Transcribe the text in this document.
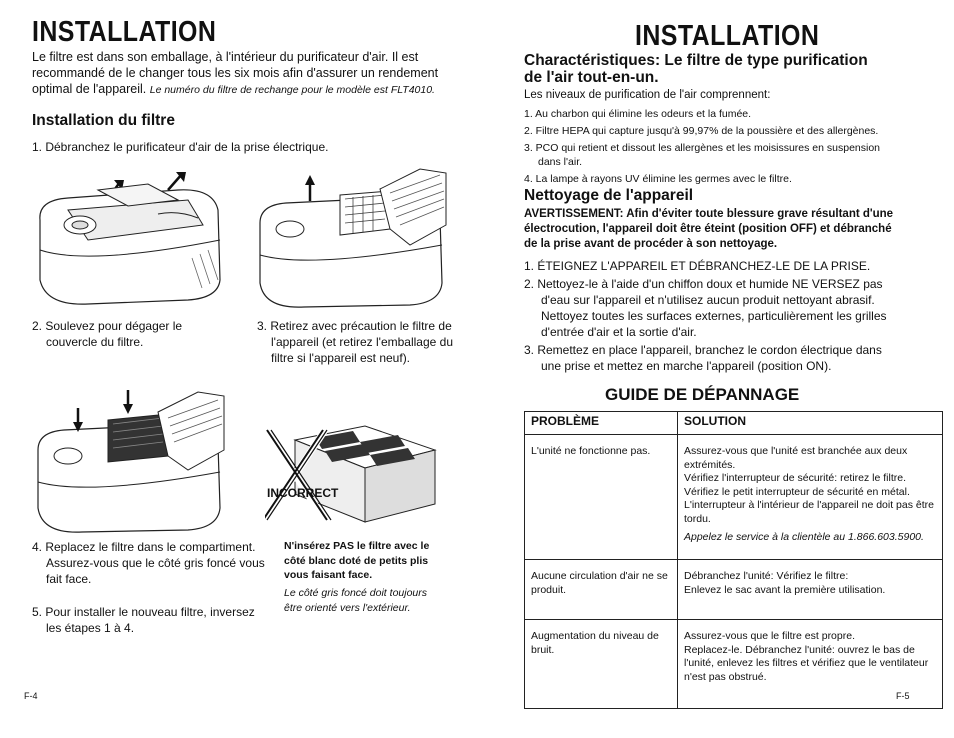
INSTALLATION
Le filtre est dans son emballage, à l'intérieur du purificateur d'air. Il est recommandé de le changer tous les six mois afin d'assurer un rendement optimal de l'appareil. Le numéro du filtre de rechange pour le modèle est FLT4010.
Installation du filtre
1. Débranchez le purificateur d'air de la prise électrique.
2. Soulevez pour dégager le couvercle du filtre.
3. Retirez avec précaution le filtre de l'appareil (et retirez l'emballage du filtre si l'appareil est neuf).
INCORRECT
4. Replacez le filtre dans le compartiment. Assurez-vous que le côté gris foncé vous fait face.
5. Pour installer le nouveau filtre, inversez les étapes 1 à 4.
N'insérez PAS le filtre avec le côté blanc doté de petits plis vous faisant face.
Le côté gris foncé doit toujours être orienté vers l'extérieur.
F-4
INSTALLATION
Charactéristiques: Le filtre de type purification de l'air tout-en-un.
Les niveaux de purification de l'air comprennent:
1. Au charbon qui élimine les odeurs et la fumée.
2. Filtre HEPA qui capture jusqu'à 99,97% de la poussière et des allergènes.
3. PCO qui retient et dissout les allergènes et les moisissures en suspension dans l'air.
4. La lampe à rayons UV élimine les germes avec le filtre.
Nettoyage de l'appareil
AVERTISSEMENT: Afin d'éviter toute blessure grave résultant d'une électrocution, l'appareil doit être éteint (position OFF) et débranché de la prise avant de procéder à son nettoyage.
1. ÉTEIGNEZ L'APPAREIL ET DÉBRANCHEZ-LE DE LA PRISE.
2. Nettoyez-le à l'aide d'un chiffon doux et humide NE VERSEZ pas d'eau sur l'appareil et n'utilisez aucun produit nettoyant abrasif. Nettoyez toutes les surfaces externes, particulièrement les grilles d'entrée d'air et la sortie d'air.
3. Remettez en place l'appareil, branchez le cordon électrique dans une prise et mettez en marche l'appareil (position ON).
GUIDE DE DÉPANNAGE
PROBLÈME	SOLUTION
L'unité ne fonctionne pas.	Assurez-vous que l'unité est branchée aux deux extrémités.
Vérifiez l'interrupteur de sécurité: retirez le filtre.
Vérifiez le petit interrupteur de sécurité en métal. L'interrupteur à l'intérieur de l'appareil ne doit pas être tordu.
Appelez le service à la clientèle au 1.866.603.5900.

Aucune circulation d'air ne se produit.	Débranchez l'unité: Vérifiez le filtre:
Enlevez le sac avant la première utilisation.
Augmentation du niveau de bruit.	Assurez-vous que le filtre est propre.
Replacez-le. Débranchez l'unité: ouvrez le bas de l'unité, enlevez les filtres et vérifiez que le ventilateur n'est pas obstrué.
F-5
